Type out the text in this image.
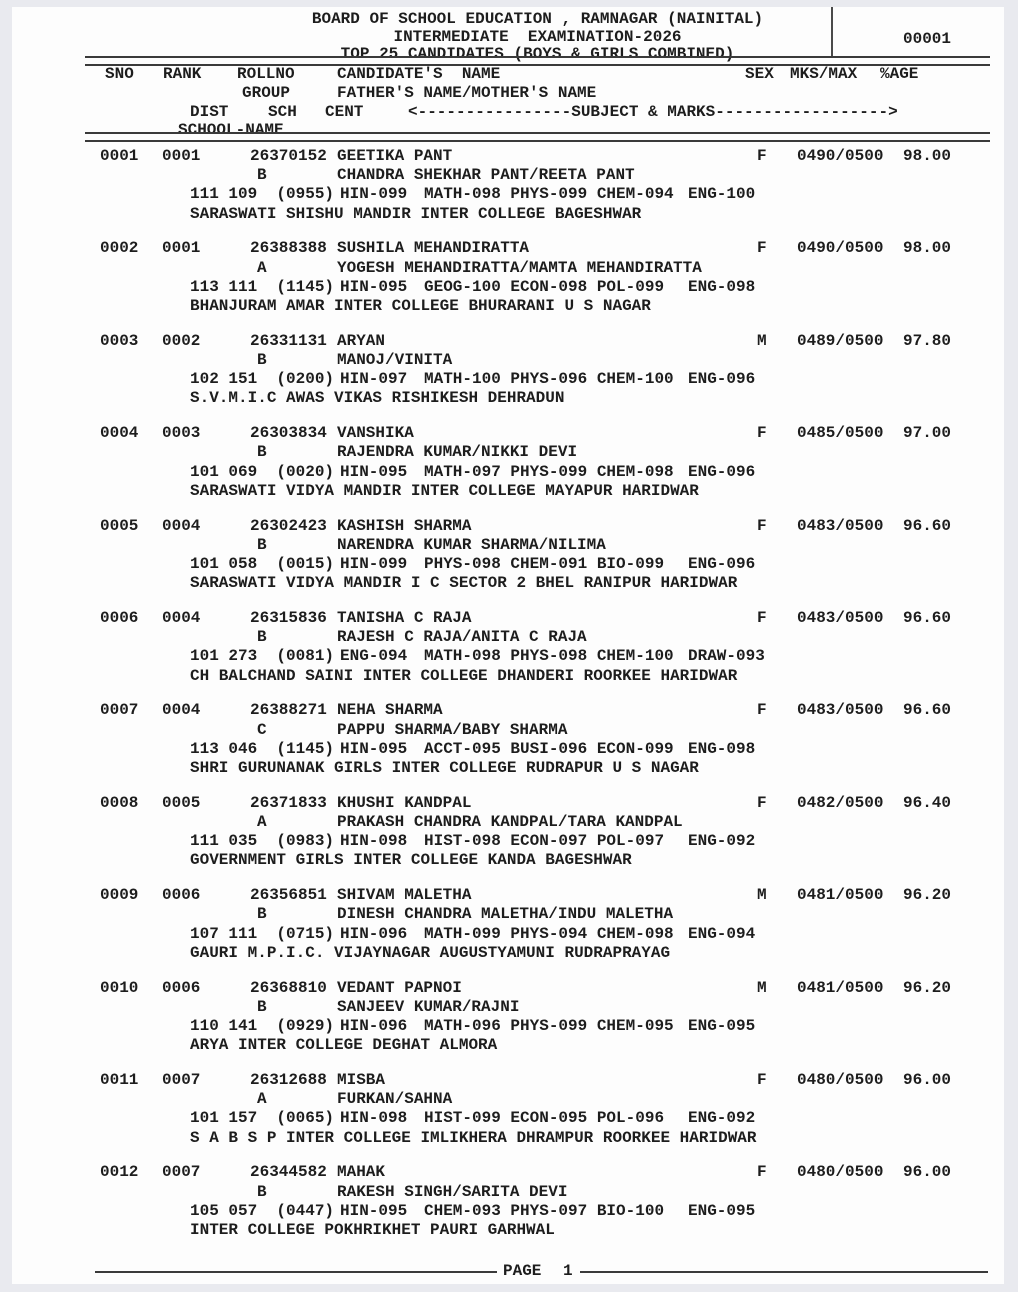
BOARD OF SCHOOL EDUCATION , RAMNAGAR (NAINITAL)
INTERMEDIATE  EXAMINATION-2026
TOP 25 CANDIDATES (BOYS & GIRLS COMBINED)
00001
SNO RANK ROLLNO	CANDIDATE'S  NAME	SEX MKS/MAX %AGE
GROUP	FATHER'S NAME/MOTHER'S NAME
DIST SCH CENT	<----------------SUBJECT & MARKS------------------>
SCHOOL-NAME
0001 0001	26370152 GEETIKA PANT	F 0490/0500 98.00
B	CHANDRA SHEKHAR PANT/REETA PANT
111 109  (0955) HIN-099 MATH-098 PHYS-099 CHEM-094 ENG-100
SARASWATI SHISHU MANDIR INTER COLLEGE BAGESHWAR
0002 0001	26388388 SUSHILA MEHANDIRATTA	F 0490/0500 98.00
A	YOGESH MEHANDIRATTA/MAMTA MEHANDIRATTA
113 111  (1145) HIN-095 GEOG-100 ECON-098 POL-099 ENG-098
BHANJURAM AMAR INTER COLLEGE BHURARANI U S NAGAR
0003 0002	26331131 ARYAN	M 0489/0500 97.80
B	MANOJ/VINITA
102 151  (0200) HIN-097 MATH-100 PHYS-096 CHEM-100 ENG-096
S.V.M.I.C AWAS VIKAS RISHIKESH DEHRADUN
0004 0003	26303834 VANSHIKA	F 0485/0500 97.00
B	RAJENDRA KUMAR/NIKKI DEVI
101 069  (0020) HIN-095 MATH-097 PHYS-099 CHEM-098 ENG-096
SARASWATI VIDYA MANDIR INTER COLLEGE MAYAPUR HARIDWAR
0005 0004	26302423 KASHISH SHARMA	F 0483/0500 96.60
B	NARENDRA KUMAR SHARMA/NILIMA
101 058  (0015) HIN-099 PHYS-098 CHEM-091 BIO-099 ENG-096
SARASWATI VIDYA MANDIR I C SECTOR 2 BHEL RANIPUR HARIDWAR
0006 0004	26315836 TANISHA C RAJA	F 0483/0500 96.60
B	RAJESH C RAJA/ANITA C RAJA
101 273  (0081) ENG-094 MATH-098 PHYS-098 CHEM-100 DRAW-093
CH BALCHAND SAINI INTER COLLEGE DHANDERI ROORKEE HARIDWAR
0007 0004	26388271 NEHA SHARMA	F 0483/0500 96.60
C	PAPPU SHARMA/BABY SHARMA
113 046  (1145) HIN-095 ACCT-095 BUSI-096 ECON-099 ENG-098
SHRI GURUNANAK GIRLS INTER COLLEGE RUDRAPUR U S NAGAR
0008 0005	26371833 KHUSHI KANDPAL	F 0482/0500 96.40
A	PRAKASH CHANDRA KANDPAL/TARA KANDPAL
111 035  (0983) HIN-098 HIST-098 ECON-097 POL-097 ENG-092
GOVERNMENT GIRLS INTER COLLEGE KANDA BAGESHWAR
0009 0006	26356851 SHIVAM MALETHA	M 0481/0500 96.20
B	DINESH CHANDRA MALETHA/INDU MALETHA
107 111  (0715) HIN-096 MATH-099 PHYS-094 CHEM-098 ENG-094
GAURI M.P.I.C. VIJAYNAGAR AUGUSTYAMUNI RUDRAPRAYAG
0010 0006	26368810 VEDANT PAPNOI	M 0481/0500 96.20
B	SANJEEV KUMAR/RAJNI
110 141  (0929) HIN-096 MATH-096 PHYS-099 CHEM-095 ENG-095
ARYA INTER COLLEGE DEGHAT ALMORA
0011 0007	26312688 MISBA	F 0480/0500 96.00
A	FURKAN/SAHNA
101 157  (0065) HIN-098 HIST-099 ECON-095 POL-096 ENG-092
S A B S P INTER COLLEGE IMLIKHERA DHRAMPUR ROORKEE HARIDWAR
0012 0007	26344582 MAHAK	F 0480/0500 96.00
B	RAKESH SINGH/SARITA DEVI
105 057  (0447) HIN-095 CHEM-093 PHYS-097 BIO-100 ENG-095
INTER COLLEGE POKHRIKHET PAURI GARHWAL
PAGE 1
